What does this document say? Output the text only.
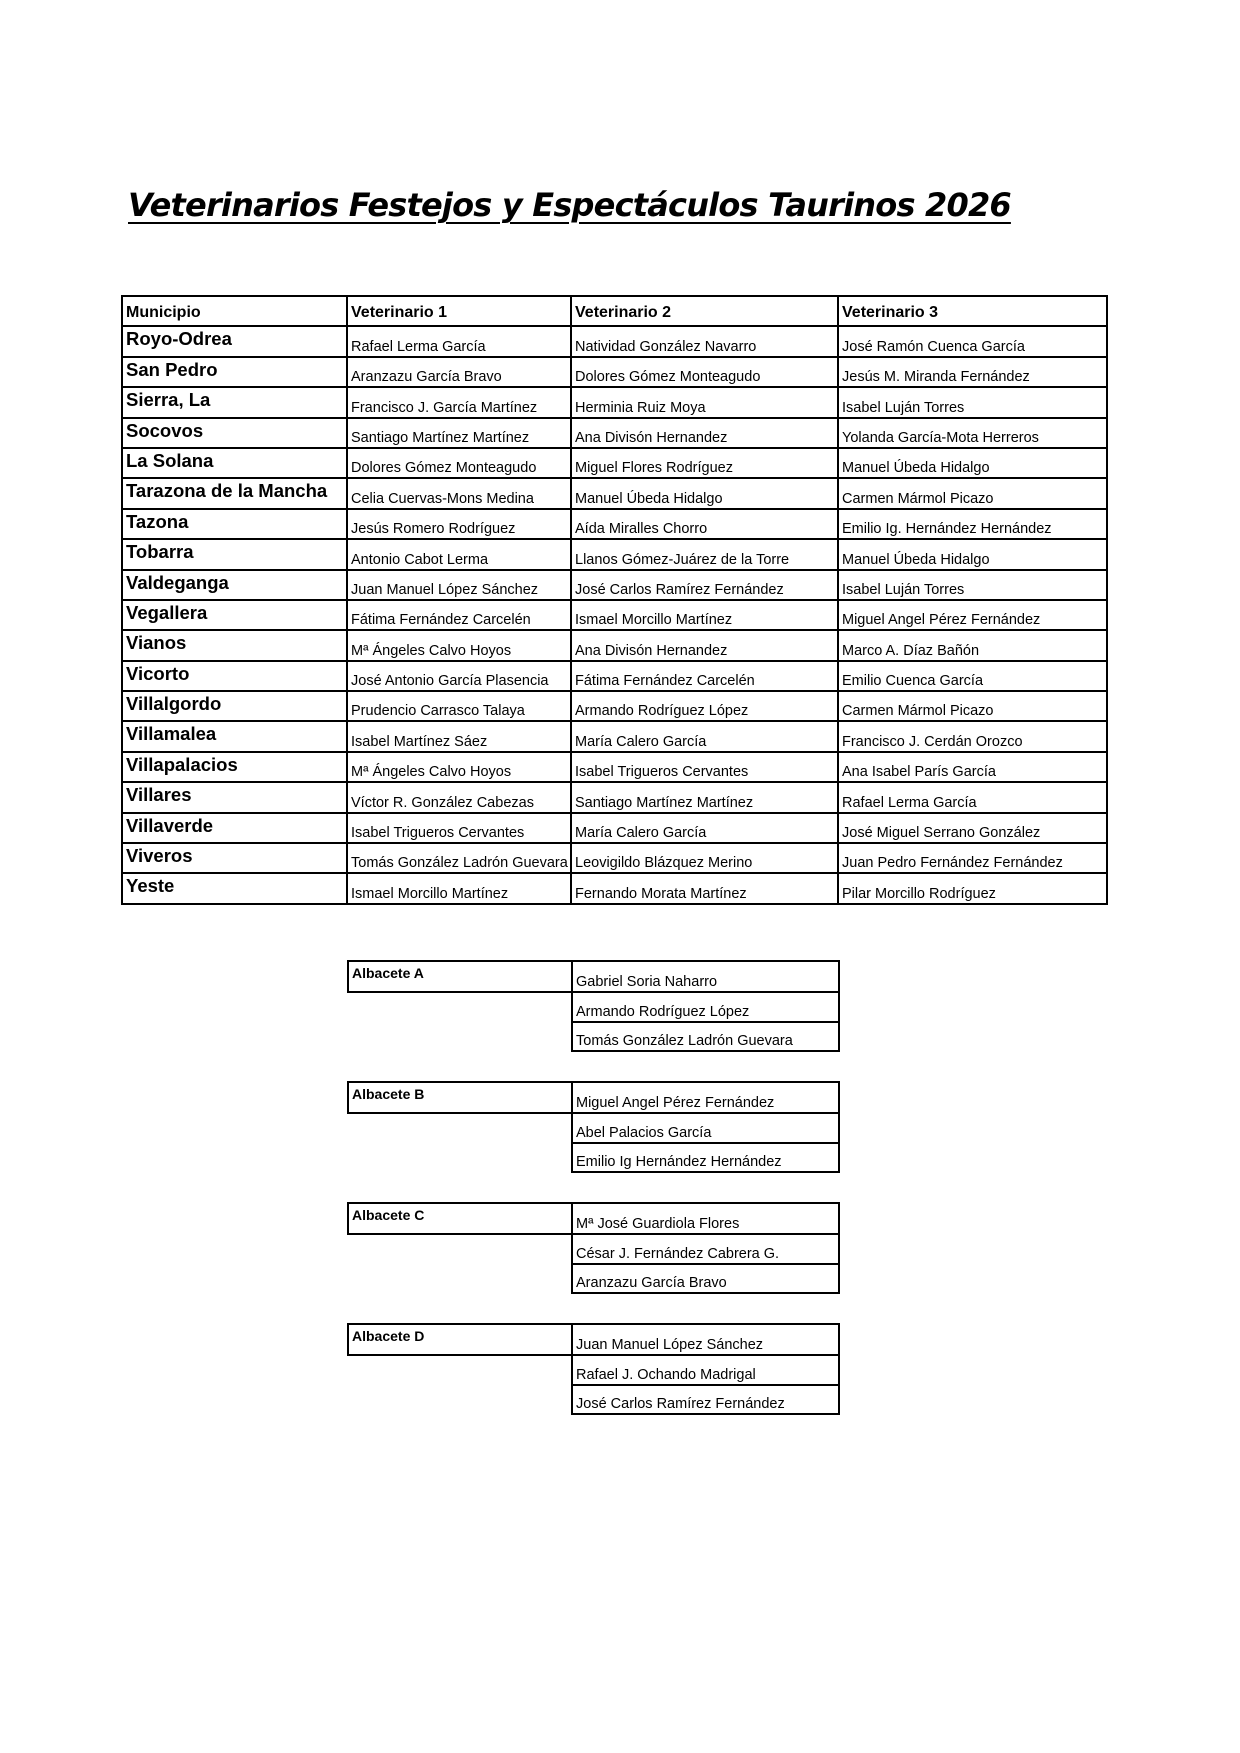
Veterinarios Festejos y Espectáculos Taurinos 2026
Municipio	Veterinario 1	Veterinario 2	Veterinario 3
Royo-Odrea	Rafael Lerma García	Natividad González Navarro	José Ramón Cuenca García
San Pedro	Aranzazu García Bravo	Dolores Gómez Monteagudo	Jesús M. Miranda Fernández
Sierra, La	Francisco J. García Martínez	Herminia Ruiz Moya	Isabel Luján Torres
Socovos	Santiago Martínez Martínez	Ana Divisón Hernandez	Yolanda García-Mota Herreros
La Solana	Dolores Gómez Monteagudo	Miguel Flores Rodríguez	Manuel Úbeda Hidalgo
Tarazona de la Mancha	Celia Cuervas-Mons Medina	Manuel Úbeda Hidalgo	Carmen Mármol Picazo
Tazona	Jesús Romero Rodríguez	Aída Miralles Chorro	Emilio Ig. Hernández Hernández
Tobarra	Antonio Cabot Lerma	Llanos Gómez-Juárez de la Torre	Manuel Úbeda Hidalgo
Valdeganga	Juan Manuel López Sánchez	José Carlos Ramírez Fernández	Isabel Luján Torres
Vegallera	Fátima Fernández Carcelén	Ismael Morcillo Martínez	Miguel Angel Pérez Fernández
Vianos	Mª Ángeles Calvo Hoyos	Ana Divisón Hernandez	Marco A. Díaz Bañón
Vicorto	José Antonio García Plasencia	Fátima Fernández Carcelén	Emilio Cuenca García
Villalgordo	Prudencio Carrasco Talaya	Armando Rodríguez López	Carmen Mármol Picazo
Villamalea	Isabel Martínez Sáez	María Calero García	Francisco J. Cerdán Orozco
Villapalacios	Mª Ángeles Calvo Hoyos	Isabel Trigueros Cervantes	Ana Isabel París García
Villares	Víctor R. González Cabezas	Santiago Martínez Martínez	Rafael Lerma García
Villaverde	Isabel Trigueros Cervantes	María Calero García	José Miguel Serrano González
Viveros	Tomás González Ladrón Guevara	Leovigildo Blázquez Merino	Juan Pedro Fernández Fernández
Yeste	Ismael Morcillo Martínez	Fernando Morata Martínez	Pilar Morcillo Rodríguez
Albacete A	Gabriel Soria Naharro
	Armando Rodríguez López
	Tomás González Ladrón Guevara
Albacete B	Miguel Angel Pérez Fernández
	Abel Palacios García
	Emilio Ig Hernández Hernández
Albacete C	Mª José Guardiola Flores
	César J. Fernández Cabrera G.
	Aranzazu García Bravo
Albacete D	Juan Manuel López Sánchez
	Rafael J. Ochando Madrigal
	José Carlos Ramírez Fernández
